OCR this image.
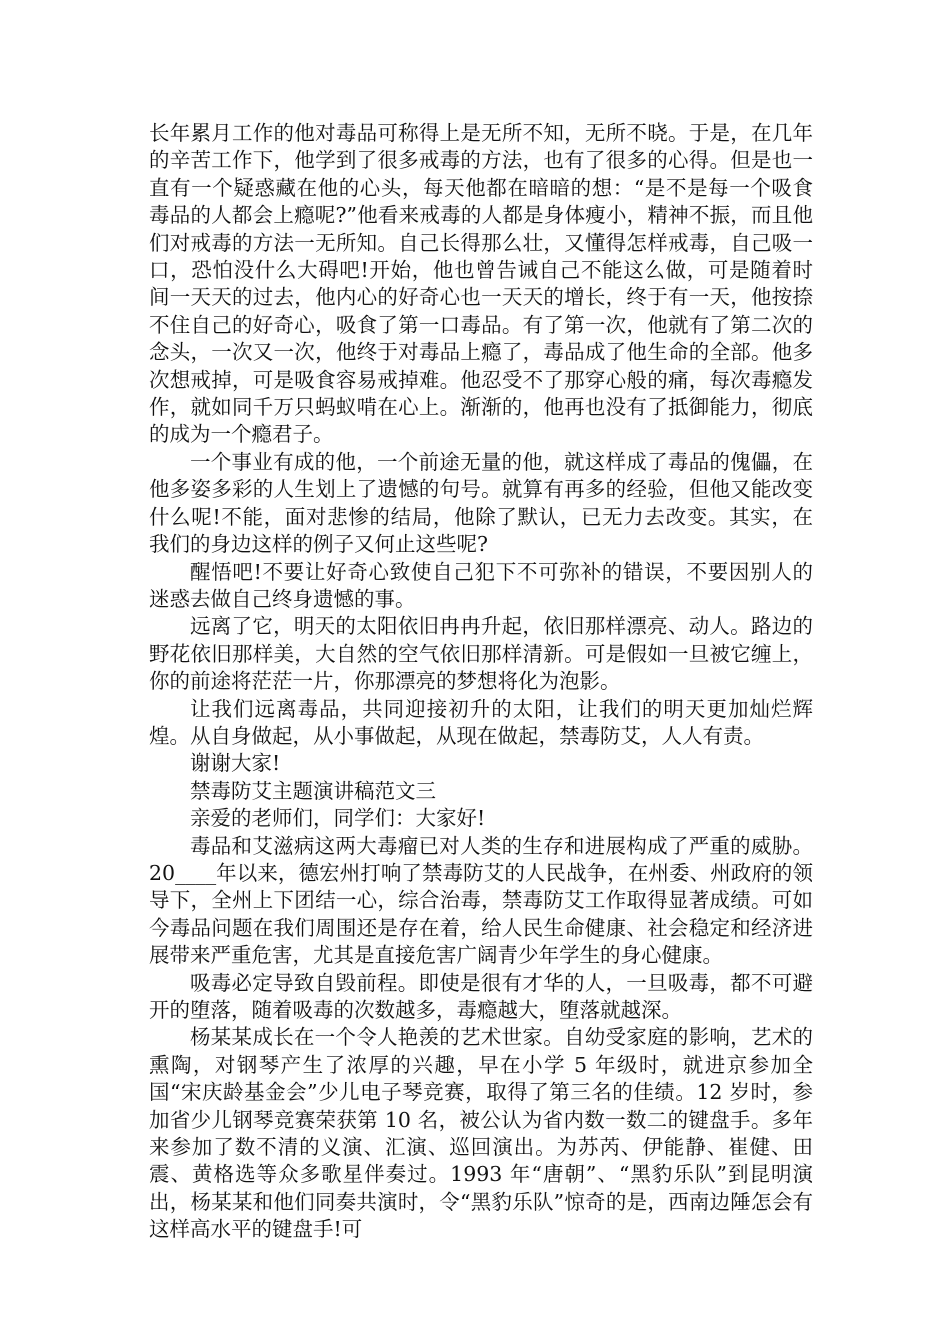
长年累月工作的他对毒品可称得上是无所不知，无所不晓。于是，在几年的辛苦工作下，他学到了很多戒毒的方法，也有了很多的心得。但是也一直有一个疑惑藏在他的心头，每天他都在暗暗的想：“是不是每一个吸食毒品的人都会上瘾呢?”他看来戒毒的人都是身体瘦小，精神不振，而且他们对戒毒的方法一无所知。自己长得那么壮，又懂得怎样戒毒，自己吸一口，恐怕没什么大碍吧!开始，他也曾告诫自己不能这么做，可是随着时间一天天的过去，他内心的好奇心也一天天的增长，终于有一天，他按捺不住自己的好奇心，吸食了第一口毒品。有了第一次，他就有了第二次的念头，一次又一次，他终于对毒品上瘾了，毒品成了他生命的全部。他多次想戒掉，可是吸食容易戒掉难。他忍受不了那穿心般的痛，每次毒瘾发作，就如同千万只蚂蚁啃在心上。渐渐的，他再也没有了抵御能力，彻底的成为一个瘾君子。

一个事业有成的他，一个前途无量的他，就这样成了毒品的傀儡，在他多姿多彩的人生划上了遗憾的句号。就算有再多的经验，但他又能改变什么呢!不能，面对悲惨的结局，他除了默认，已无力去改变。其实，在我们的身边这样的例子又何止这些呢?

醒悟吧!不要让好奇心致使自己犯下不可弥补的错误，不要因别人的迷惑去做自己终身遗憾的事。

远离了它，明天的太阳依旧冉冉升起，依旧那样漂亮、动人。路边的野花依旧那样美，大自然的空气依旧那样清新。可是假如一旦被它缠上，你的前途将茫茫一片，你那漂亮的梦想将化为泡影。

让我们远离毒品，共同迎接初升的太阳，让我们的明天更加灿烂辉煌。从自身做起，从小事做起，从现在做起，禁毒防艾，人人有责。

谢谢大家!

禁毒防艾主题演讲稿范文三

亲爱的老师们，同学们：大家好!

毒品和艾滋病这两大毒瘤已对人类的生存和进展构成了严重的威胁。20____年以来，德宏州打响了禁毒防艾的人民战争，在州委、州政府的领导下，全州上下团结一心，综合治毒，禁毒防艾工作取得显著成绩。可如今毒品问题在我们周围还是存在着，给人民生命健康、社会稳定和经济进展带来严重危害，尤其是直接危害广阔青少年学生的身心健康。

吸毒必定导致自毁前程。即使是很有才华的人，一旦吸毒，都不可避开的堕落，随着吸毒的次数越多，毒瘾越大，堕落就越深。

杨某某成长在一个令人艳羡的艺术世家。自幼受家庭的影响，艺术的熏陶，对钢琴产生了浓厚的兴趣，早在小学 5 年级时，就进京参加全国“宋庆龄基金会”少儿电子琴竞赛，取得了第三名的佳绩。12 岁时，参加省少儿钢琴竞赛荣获第 10 名，被公认为省内数一数二的键盘手。多年来参加了数不清的义演、汇演、巡回演出。为苏芮、伊能静、崔健、田震、黄格选等众多歌星伴奏过。1993 年“唐朝”、“黑豹乐队”到昆明演出，杨某某和他们同奏共演时，令“黑豹乐队”惊奇的是，西南边陲怎会有这样高水平的键盘手!可
